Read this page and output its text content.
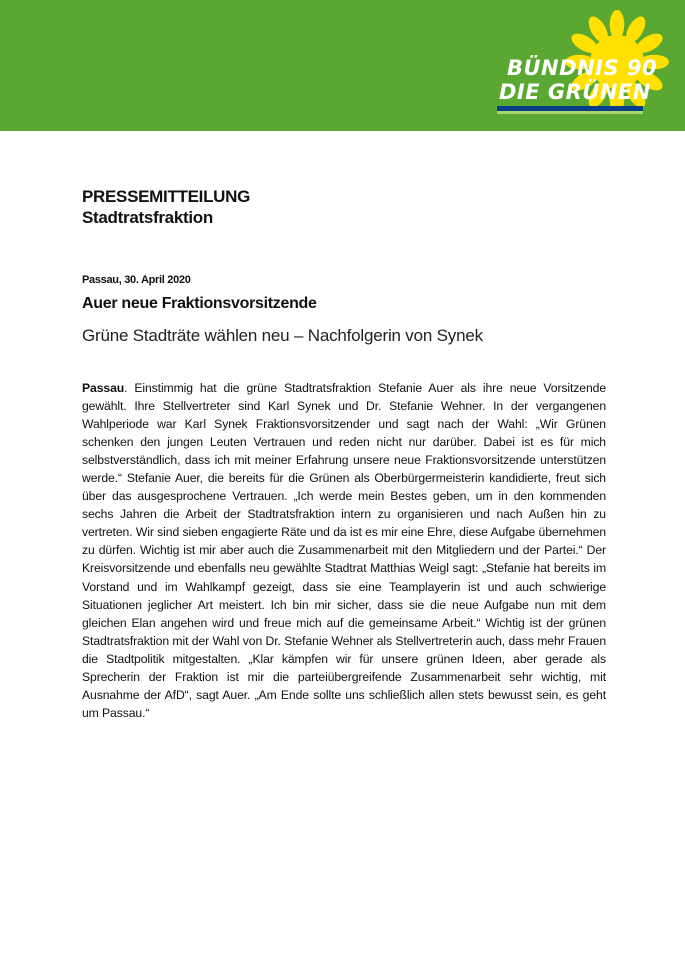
BÜNDNIS 90
DIE GRÜNEN
PRESSEMITTEILUNG
Stadtratsfraktion
Passau, 30. April 2020
Auer neue Fraktionsvorsitzende
Grüne Stadträte wählen neu – Nachfolgerin von Synek
Passau. Einstimmig hat die grüne Stadtratsfraktion Stefanie Auer als ihre neue Vorsitzende gewählt. Ihre Stellvertreter sind Karl Synek und Dr. Stefanie Wehner. In der vergangenen Wahlperiode war Karl Synek Fraktionsvorsitzender und sagt nach der Wahl: „Wir Grünen schenken den jungen Leuten Vertrauen und reden nicht nur darüber. Dabei ist es für mich selbstverständlich, dass ich mit meiner Erfahrung unsere neue Fraktionsvorsitzende unterstützen werde.“ Stefanie Auer, die bereits für die Grünen als Oberbürgermeisterin kandidierte, freut sich über das ausgesprochene Vertrauen. „Ich werde mein Bestes geben, um in den kommenden sechs Jahren die Arbeit der Stadtratsfraktion intern zu organisieren und nach Außen hin zu vertreten. Wir sind sieben engagierte Räte und da ist es mir eine Ehre, diese Aufgabe übernehmen zu dürfen. Wichtig ist mir aber auch die Zusammenarbeit mit den Mitgliedern und der Partei.“ Der Kreisvorsitzende und ebenfalls neu gewählte Stadtrat Matthias Weigl sagt: „Stefanie hat bereits im Vorstand und im Wahlkampf gezeigt, dass sie eine Teamplayerin ist und auch schwierige Situationen jeglicher Art meistert. Ich bin mir sicher, dass sie die neue Aufgabe nun mit dem gleichen Elan angehen wird und freue mich auf die gemeinsame Arbeit.“ Wichtig ist der grünen Stadtratsfraktion mit der Wahl von Dr. Stefanie Wehner als Stellvertreterin auch, dass mehr Frauen die Stadtpolitik mitgestalten. „Klar kämpfen wir für unsere grünen Ideen, aber gerade als Sprecherin der Fraktion ist mir die parteiübergreifende Zusammenarbeit sehr wichtig, mit Ausnahme der AfD“, sagt Auer. „Am Ende sollte uns schließlich allen stets bewusst sein, es geht um Passau.“
